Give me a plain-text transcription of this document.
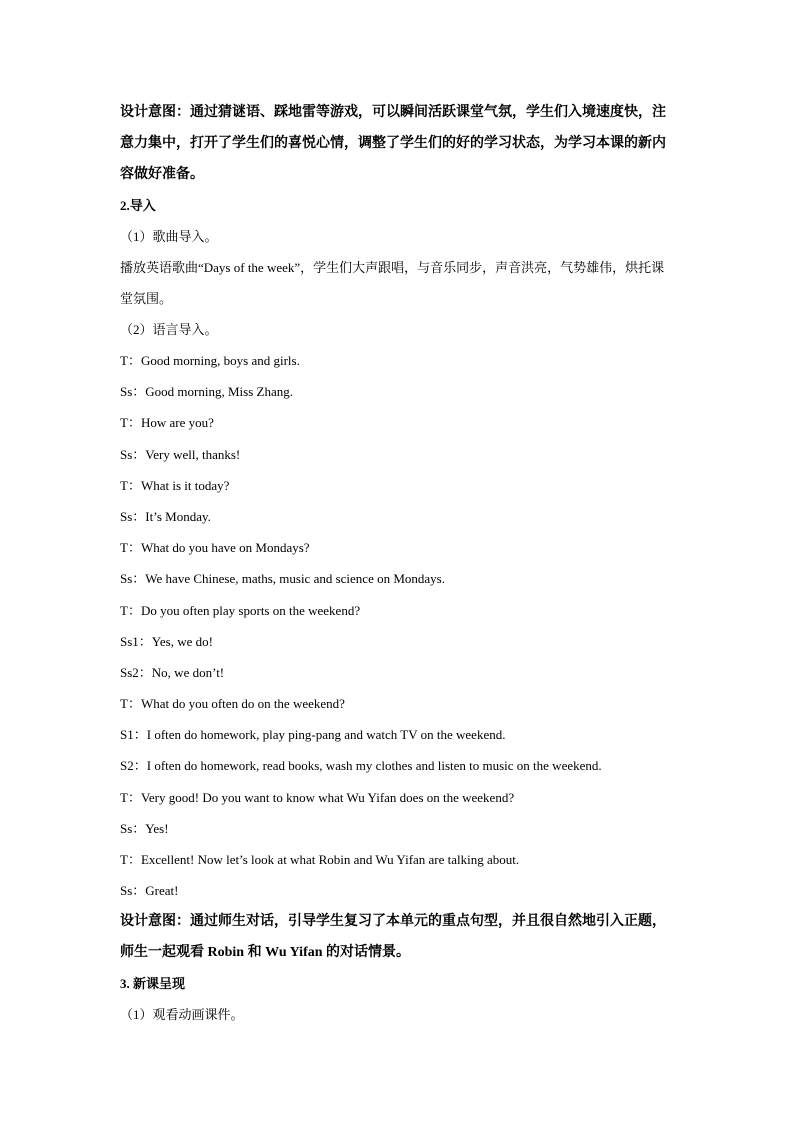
设计意图：通过猜谜语、踩地雷等游戏，可以瞬间活跃课堂气氛，学生们入境速度快，注意力集中，打开了学生们的喜悦心情，调整了学生们的好的学习状态，为学习本课的新内容做好准备。

2.导入

（1）歌曲导入。

播放英语歌曲“Days of the week”，学生们大声跟唱，与音乐同步，声音洪亮，气势雄伟，烘托课堂氛围。

（2）语言导入。

T：Good morning, boys and girls.

Ss：Good morning, Miss Zhang.

T：How are you?

Ss：Very well, thanks!

T：What is it today?

Ss：It’s Monday.

T：What do you have on Mondays?

Ss：We have Chinese, maths, music and science on Mondays.

T：Do you often play sports on the weekend?

Ss1：Yes, we do!

Ss2：No, we don’t!

T：What do you often do on the weekend?

S1：I often do homework, play ping-pang and watch TV on the weekend.

S2：I often do homework, read books, wash my clothes and listen to music on the weekend.

T：Very good! Do you want to know what Wu Yifan does on the weekend?

Ss：Yes!

T：Excellent! Now let’s look at what Robin and Wu Yifan are talking about.

Ss：Great!

设计意图：通过师生对话，引导学生复习了本单元的重点句型，并且很自然地引入正题，师生一起观看 Robin 和 Wu Yifan 的对话情景。

3. 新课呈现

（1）观看动画课件。
